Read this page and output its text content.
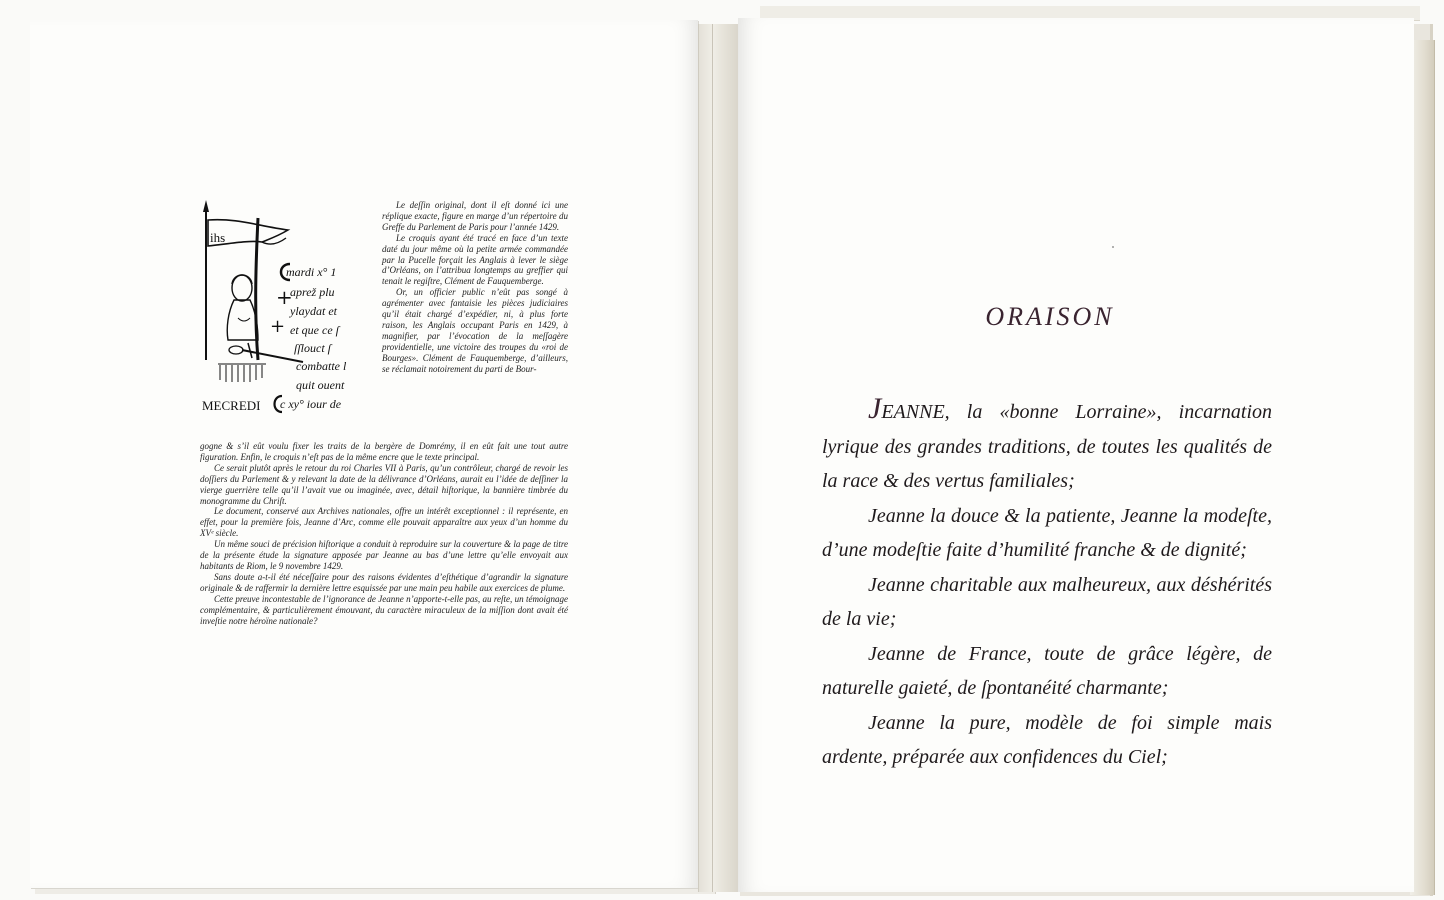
ihs
+
+
mardi x° 1
aprež plu
ylaydat et
et que ce ſ
ſſlouct ſ
combatte l
quit ouent
c xy° iour de
MECREDI

Le deſſin original, dont il eſt donné ici une réplique exacte, figure en marge d’un répertoire du Greffe du Parlement de Paris pour l’année 1429.

Le croquis ayant été tracé en face d’un texte daté du jour même où la petite armée commandée par la Pucelle forçait les Anglais à lever le siège d’Orléans, on l’attribua longtemps au greffier qui tenait le regiſtre, Clément de Fauquemberge.

Or, un officier public n’eût pas songé à agrémenter avec fantaisie les pièces judiciaires qu’il était chargé d’expédier, ni, à plus forte raison, les Anglais occupant Paris en 1429, à magnifier, par l’évocation de la meſſagère providentielle, une victoire des troupes du «roi de Bourges». Clément de Fauquemberge, d’ailleurs, se réclamait notoirement du parti de Bour-

gogne & s’il eût voulu fixer les traits de la bergère de Domrémy, il en eût fait une tout autre figuration. Enfin, le croquis n’eſt pas de la même encre que le texte principal.

Ce serait plutôt après le retour du roi Charles VII à Paris, qu’un contrôleur, chargé de revoir les doſſiers du Parlement & y relevant la date de la délivrance d’Orléans, aurait eu l’idée de deſſiner la vierge guerrière telle qu’il l’avait vue ou imaginée, avec, détail hiſtorique, la bannière timbrée du monogramme du Chriſt.

Le document, conservé aux Archives nationales, offre un intérêt exceptionnel : il représente, en effet, pour la première fois, Jeanne d’Arc, comme elle pouvait apparaître aux yeux d’un homme du XVᵉ siècle.

Un même souci de précision hiſtorique a conduit à reproduire sur la couverture & la page de titre de la présente étude la signature apposée par Jeanne au bas d’une lettre qu’elle envoyait aux habitants de Riom, le 9 novembre 1429.

Sans doute a-t-il été néceſſaire pour des raisons évidentes d’eſthétique d’agrandir la signature originale & de raffermir la dernière lettre esquissée par une main peu habile aux exercices de plume.

Cette preuve incontestable de l’ignorance de Jeanne n’apporte-t-elle pas, au reſte, un témoignage complémentaire, & particulièrement émouvant, du caractère miraculeux de la miſſion dont avait été inveſtie notre héroïne nationale?

ORAISON

JEANNE, la «bonne Lorraine», incarnation lyrique des grandes traditions, de toutes les qualités de la race & des vertus familiales;

Jeanne la douce & la patiente, Jeanne la modeſte, d’une modeſtie faite d’humilité franche & de dignité;

Jeanne charitable aux malheureux, aux déshérités de la vie;

Jeanne de France, toute de grâce légère, de naturelle gaieté, de ſpontanéité charmante;

Jeanne la pure, modèle de foi simple mais ardente, préparée aux confidences du Ciel;
